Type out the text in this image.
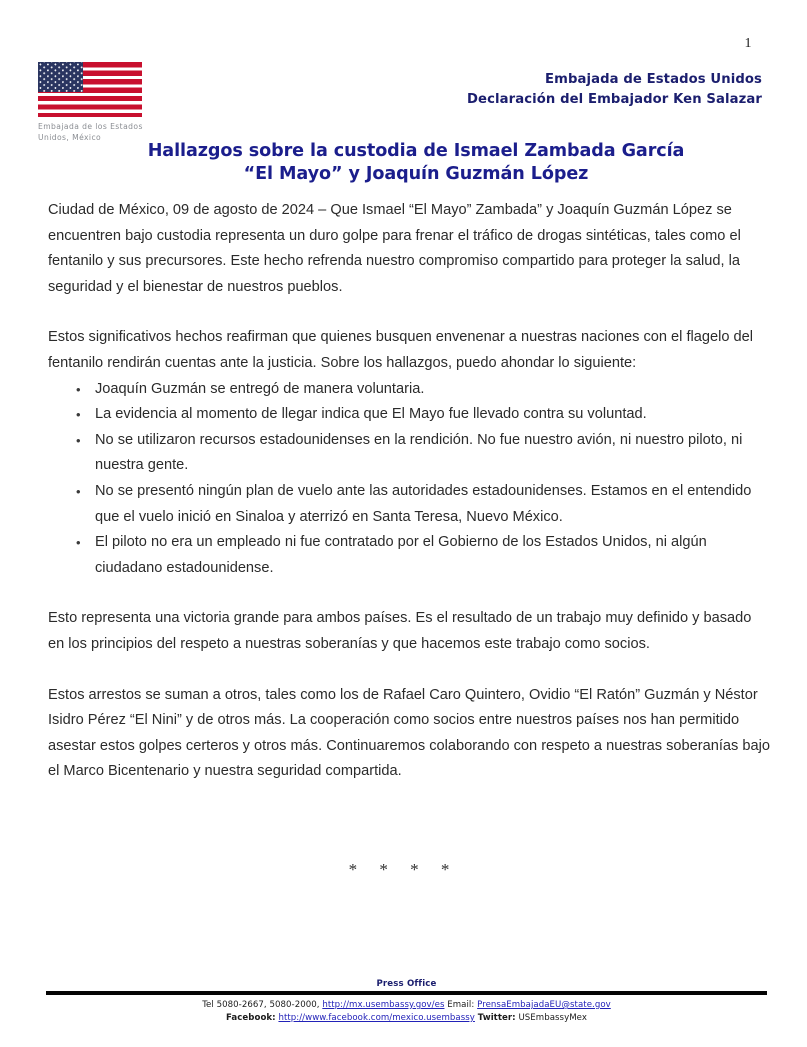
1
Embajada de los Estados
Unidos, México
Embajada de Estados Unidos
Declaración del Embajador Ken Salazar
Hallazgos sobre la custodia de Ismael Zambada García
“El Mayo” y Joaquín Guzmán López

Ciudad de México, 09 de agosto de 2024 – Que Ismael “El Mayo” Zambada” y Joaquín Guzmán López se encuentren bajo custodia representa un duro golpe para frenar el tráfico de drogas sintéticas, tales como el fentanilo y sus precursores. Este hecho refrenda nuestro compromiso compartido para proteger la salud, la seguridad y el bienestar de nuestros pueblos.

Estos significativos hechos reafirman que quienes busquen envenenar a nuestras naciones con el flagelo del fentanilo rendirán cuentas ante la justicia. Sobre los hallazgos, puedo ahondar lo siguiente:

• Joaquín Guzmán se entregó de manera voluntaria.
• La evidencia al momento de llegar indica que El Mayo fue llevado contra su voluntad.
• No se utilizaron recursos estadounidenses en la rendición. No fue nuestro avión, ni nuestro piloto, ni nuestra gente.
• No se presentó ningún plan de vuelo ante las autoridades estadounidenses. Estamos en el entendido que el vuelo inició en Sinaloa y aterrizó en Santa Teresa, Nuevo México.
• El piloto no era un empleado ni fue contratado por el Gobierno de los Estados Unidos, ni algún ciudadano estadounidense.

Esto representa una victoria grande para ambos países. Es el resultado de un trabajo muy definido y basado en los principios del respeto a nuestras soberanías y que hacemos este trabajo como socios.

Estos arrestos se suman a otros, tales como los de Rafael Caro Quintero, Ovidio “El Ratón” Guzmán y Néstor Isidro Pérez “El Nini” y de otros más. La cooperación como socios entre nuestros países nos han permitido asestar estos golpes certeros y otros más. Continuaremos colaborando con respeto a nuestras soberanías bajo el Marco Bicentenario y nuestra seguridad compartida.

* * * *
Press Office
Tel 5080-2667, 5080-2000, http://mx.usembassy.gov/es Email: PrensaEmbajadaEU@state.gov
Facebook: http://www.facebook.com/mexico.usembassy Twitter: USEmbassyMex
